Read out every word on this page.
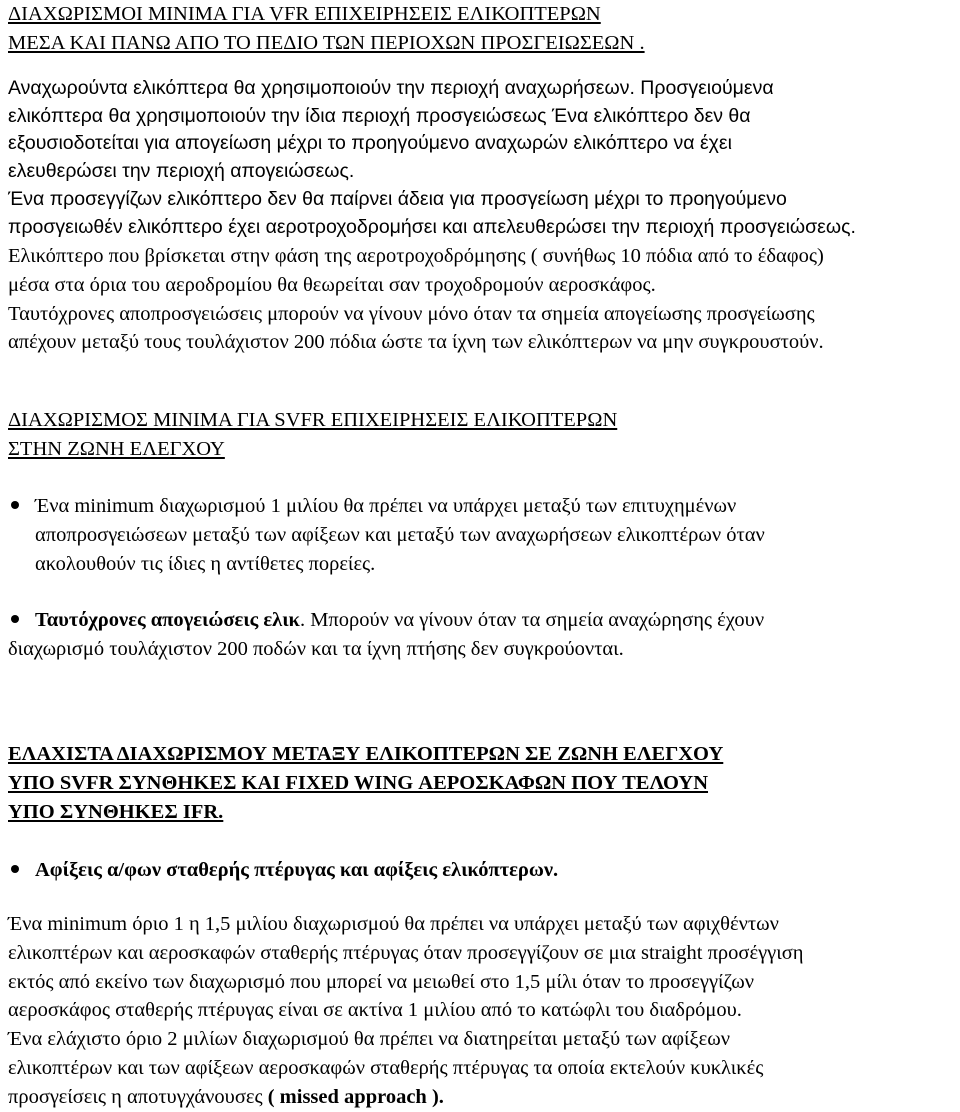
ΔΙΑΧΩΡΙΣΜΟΙ ΜΙΝΙΜΑ ΓΙΑ VFR ΕΠΙΧΕΙΡΗΣΕΙΣ ΕΛΙΚΟΠΤΕΡΩΝ
ΜΕΣΑ ΚΑΙ ΠΑΝΩ ΑΠΟ ΤΟ ΠΕΔΙΟ ΤΩΝ ΠΕΡΙΟΧΩΝ ΠΡΟΣΓΕΙΩΣΕΩΝ .
Αναχωρούντα ελικόπτερα θα χρησιμοποιούν την περιοχή αναχωρήσεων. Προσγειούμενα
ελικόπτερα θα χρησιμοποιούν την ίδια περιοχή προσγειώσεως Ένα ελικόπτερο δεν θα
εξουσιοδοτείται για απογείωση μέχρι το προηγούμενο αναχωρών ελικόπτερο να έχει
ελευθερώσει την περιοχή απογειώσεως.
Ένα προσεγγίζων ελικόπτερο δεν θα παίρνει άδεια για προσγείωση μέχρι το προηγούμενο
προσγειωθέν ελικόπτερο έχει αεροτροχοδρομήσει και απελευθερώσει την περιοχή προσγειώσεως.
Ελικόπτερο που βρίσκεται στην φάση της αεροτροχοδρόμησης ( συνήθως 10 πόδια από το έδαφος)
μέσα στα όρια του αεροδρομίου θα θεωρείται σαν τροχοδρομούν αεροσκάφος.
Ταυτόχρονες αποπροσγειώσεις μπορούν να γίνουν μόνο όταν τα σημεία απογείωσης προσγείωσης
απέχουν μεταξύ τους τουλάχιστον 200 πόδια ώστε τα ίχνη των ελικόπτερων να μην συγκρουστούν.
ΔΙΑΧΩΡΙΣΜΟΣ ΜΙΝΙΜΑ ΓΙΑ SVFR ΕΠΙΧΕΙΡΗΣΕΙΣ ΕΛΙΚΟΠΤΕΡΩΝ
ΣΤΗΝ ΖΩΝΗ ΕΛΕΓΧΟΥ
Ένα minimum διαχωρισμού 1 μιλίου θα πρέπει να υπάρχει μεταξύ των επιτυχημένων
αποπροσγειώσεων μεταξύ των αφίξεων και μεταξύ των αναχωρήσεων ελικοπτέρων όταν
ακολουθούν τις ίδιες η αντίθετες πορείες.
Ταυτόχρονες απογειώσεις ελικ. Μπορούν να γίνουν όταν τα σημεία αναχώρησης έχουν
διαχωρισμό τουλάχιστον 200 ποδών και τα ίχνη πτήσης δεν συγκρούονται.
ΕΛΑΧΙΣΤΑ ΔΙΑΧΩΡΙΣΜΟΥ ΜΕΤΑΞΥ ΕΛΙΚΟΠΤΕΡΩΝ ΣΕ ΖΩΝΗ ΕΛΕΓΧΟΥ
ΥΠΟ SVFR ΣΥΝΘΗΚΕΣ ΚΑΙ FIXED WING ΑΕΡΟΣΚΑΦΩΝ ΠΟΥ ΤΕΛΟΥΝ
ΥΠΟ ΣΥΝΘΗΚΕΣ IFR.
Αφίξεις α/φων σταθερής πτέρυγας και αφίξεις ελικόπτερων.
Ένα minimum όριο 1 η 1,5 μιλίου διαχωρισμού θα πρέπει να υπάρχει μεταξύ των αφιχθέντων
ελικοπτέρων και αεροσκαφών σταθερής πτέρυγας όταν προσεγγίζουν σε μια straight προσέγγιση
εκτός από εκείνο των διαχωρισμό που μπορεί να μειωθεί στο 1,5 μίλι όταν το προσεγγίζων
αεροσκάφος σταθερής πτέρυγας είναι σε ακτίνα 1 μιλίου από το κατώφλι του διαδρόμου.
Ένα ελάχιστο όριο 2 μιλίων διαχωρισμού θα πρέπει να διατηρείται μεταξύ των αφίξεων
ελικοπτέρων και των αφίξεων αεροσκαφών σταθερής πτέρυγας τα οποία εκτελούν κυκλικές
προσγείσεις η αποτυγχάνουσες ( missed approach ).
